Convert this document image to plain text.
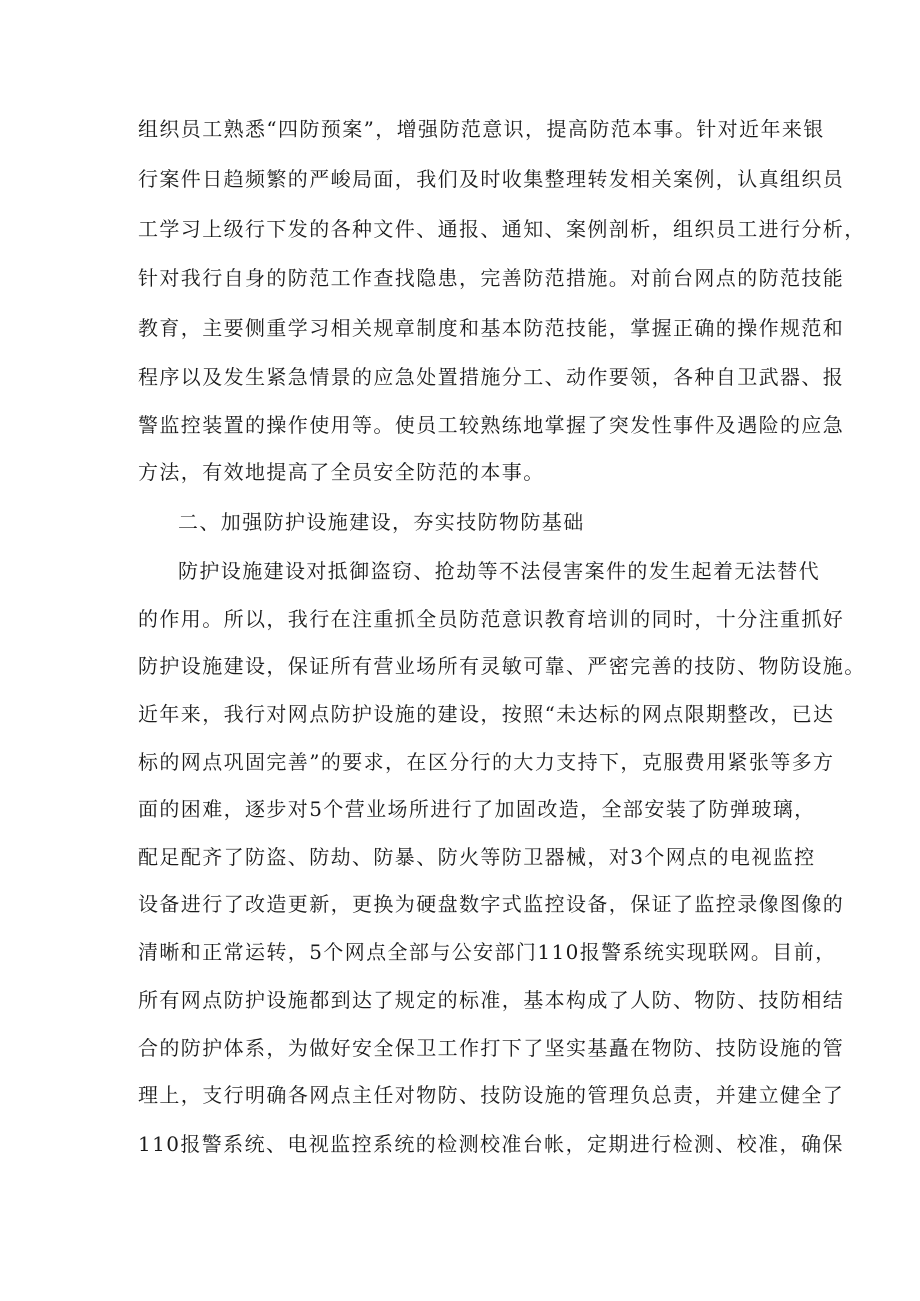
组织员工熟悉“四防预案”，增强防范意识，提高防范本事。针对近年来银
行案件日趋频繁的严峻局面，我们及时收集整理转发相关案例，认真组织员
工学习上级行下发的各种文件、通报、通知、案例剖析，组织员工进行分析，
针对我行自身的防范工作查找隐患，完善防范措施。对前台网点的防范技能
教育，主要侧重学习相关规章制度和基本防范技能，掌握正确的操作规范和
程序以及发生紧急情景的应急处置措施分工、动作要领，各种自卫武器、报
警监控装置的操作使用等。使员工较熟练地掌握了突发性事件及遇险的应急
方法，有效地提高了全员安全防范的本事。
二、加强防护设施建设，夯实技防物防基础
防护设施建设对抵御盗窃、抢劫等不法侵害案件的发生起着无法替代
的作用。所以，我行在注重抓全员防范意识教育培训的同时，十分注重抓好
防护设施建设，保证所有营业场所有灵敏可靠、严密完善的技防、物防设施。
近年来，我行对网点防护设施的建设，按照“未达标的网点限期整改，已达
标的网点巩固完善”的要求，在区分行的大力支持下，克服费用紧张等多方
面的困难，逐步对5个营业场所进行了加固改造，全部安装了防弹玻璃，
配足配齐了防盗、防劫、防暴、防火等防卫器械，对3个网点的电视监控
设备进行了改造更新，更换为硬盘数字式监控设备，保证了监控录像图像的
清晰和正常运转，5个网点全部与公安部门110报警系统实现联网。目前，
所有网点防护设施都到达了规定的标准，基本构成了人防、物防、技防相结
合的防护体系，为做好安全保卫工作打下了坚实基矗在物防、技防设施的管
理上，支行明确各网点主任对物防、技防设施的管理负总责，并建立健全了
110报警系统、电视监控系统的检测校准台帐，定期进行检测、校准，确保
